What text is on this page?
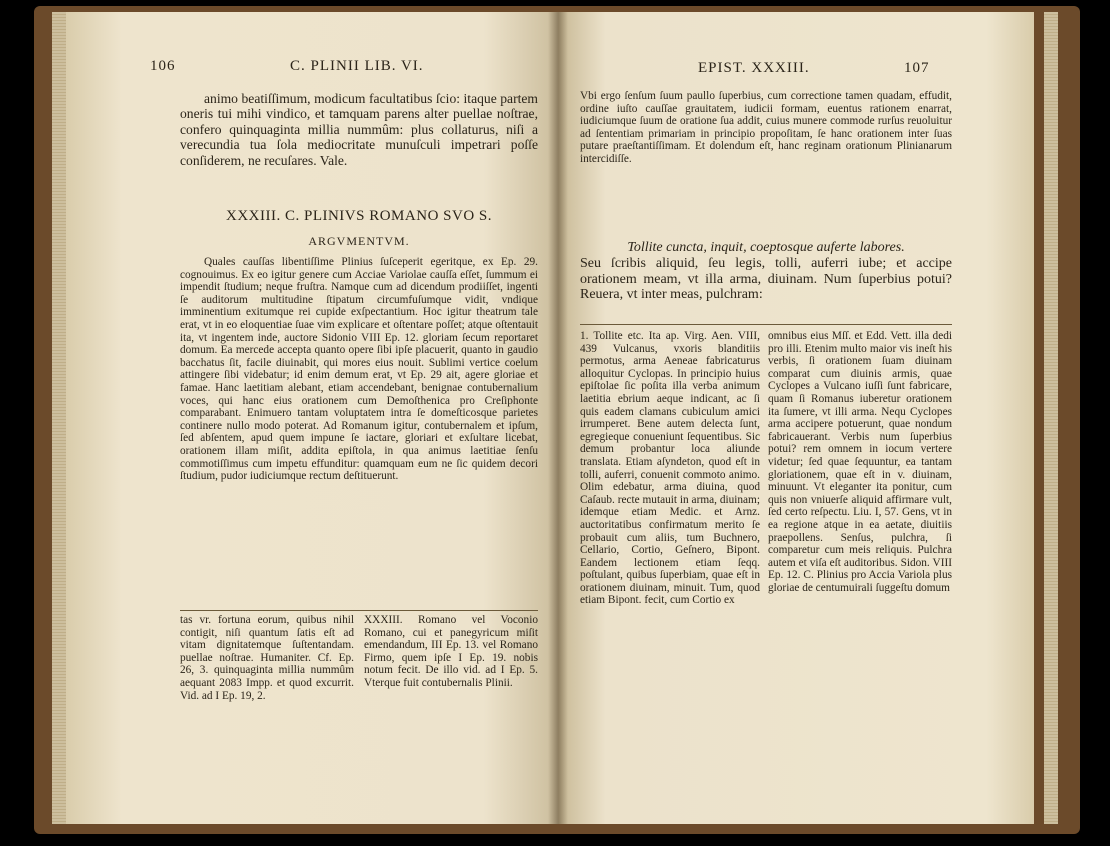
106	C. PLINII LIB. VI.
animo beatiſſimum, modicum facultatibus ſcio: itaque partem oneris tui mihi vindico, et tamquam parens alter puellae noſtrae, confero quinquaginta millia nummûm: plus collaturus, niſi a verecundia tua ſola mediocritate munuſculi impetrari poſſe conſiderem, ne recuſares. Vale.
XXXIII. C. PLINIVS ROMANO SVO S.
ARGVMENTVM.
Quales cauſſas libentiſſime Plinius ſuſceperit egeritque, ex Ep. 29. cognouimus. Ex eo igitur genere cum Acciae Variolae cauſſa eſſet, ſummum ei impendit ſtudium; neque fruſtra. Namque cum ad dicendum prodiiſſet, ingenti ſe auditorum multitudine ſtipatum circumfuſumque vidit, vndique imminentium exitumque rei cupide exſpectantium. Hoc igitur theatrum tale erat, vt in eo eloquentiae ſuae vim explicare et oſtentare poſſet; atque oſtentauit ita, vt ingentem inde, auctore Sidonio VIII Ep. 12. gloriam ſecum reportaret domum. Ea mercede accepta quanto opere ſibi ipſe placuerit, quanto in gaudio bacchatus ſit, facile diuinabit, qui mores eius nouit. Sublimi vertice coelum attingere ſibi videbatur; id enim demum erat, vt Ep. 29 ait, agere gloriae et famae. Hanc laetitiam alebant, etiam accendebant, benignae contubernalium voces, qui hanc eius orationem cum Demoſthenica pro Creſiphonte comparabant. Enimuero tantam voluptatem intra ſe domeſticosque parietes continere nullo modo poterat. Ad Romanum igitur, contubernalem et ipſum, ſed abſentem, apud quem impune ſe iactare, gloriari et exſultare licebat, orationem illam miſit, addita epiſtola, in qua animus laetitiae ſenſu commotiſſimus cum impetu effunditur: quamquam eum ne ſic quidem decori ſtudium, pudor iudiciumque rectum deſtituerunt.
tas vr. fortuna eorum, quibus nihil contigit, niſi quantum ſatis eſt ad vitam dignitatemque ſuſtentandam. puellae noſtrae. Humaniter. Cf. Ep. 26, 3. quinquaginta millia nummûm aequant 2083 Impp. et quod excurrit. Vid. ad I Ep. 19, 2.
XXXIII. Romano vel Voconio Romano, cui et panegyricum miſit emendandum, III Ep. 13. vel Romano Firmo, quem ipſe I Ep. 19. nobis notum fecit. De illo vid. ad I Ep. 5. Vterque fuit contubernalis Plinii.
EPIST. XXXIII.	107
Vbi ergo ſenſum ſuum paullo ſuperbius, cum correctione tamen quadam, effudit, ordine iuſto cauſſae grauitatem, iudicii formam, euentus rationem enarrat, iudiciumque ſuum de oratione ſua addit, cuius munere commode rurſus reuoluitur ad ſententiam primariam in principio propoſitam, ſe hanc orationem inter ſuas putare praeſtantiſſimam. Et dolendum eſt, hanc reginam orationum Plinianarum intercidiſſe.
Tollite cuncta, inquit, coeptosque auferte labores.
Seu ſcribis aliquid, ſeu legis, tolli, auferri iube; et accipe orationem meam, vt illa arma, diuinam. Num ſuperbius potui? Reuera, vt inter meas, pulchram:
1. Tollite etc. Ita ap. Virg. Aen. VIII, 439 Vulcanus, vxoris blanditiis permotus, arma Aeneae fabricaturus alloquitur Cyclopas. In principio huius epiſtolae ſic poſita illa verba animum laetitia ebrium aeque indicant, ac ſi quis eadem clamans cubiculum amici irrumperet. Bene autem delecta ſunt, egregieque conueniunt ſequentibus. Sic demum probantur loca aliunde translata. Etiam aſyndeton, quod eſt in tolli, auferri, conuenit commoto animo. Olim edebatur, arma diuina, quod Caſaub. recte mutauit in arma, diuinam; idemque etiam Medic. et Arnz. auctoritatibus confirmatum merito ſe probauit cum aliis, tum Buchnero, Cellario, Cortio, Geſnero, Bipont. Eandem lectionem etiam ſeqq. poſtulant, quibus ſuperbiam, quae eſt in orationem diuinam, minuit. Tum, quod etiam Bipont. fecit, cum Cortio ex
omnibus eius Mſſ. et Edd. Vett. illa dedi pro illi. Etenim multo maior vis ineſt his verbis, ſi orationem ſuam diuinam comparat cum diuinis armis, quae Cyclopes a Vulcano iuſſi ſunt fabricare, quam ſi Romanus iuberetur orationem ita ſumere, vt illi arma. Nequ Cyclopes arma accipere potuerunt, quae nondum fabricauerant. Verbis num ſuperbius potui? rem omnem in iocum vertere videtur; ſed quae ſequuntur, ea tantam gloriationem, quae eſt in v. diuinam, minuunt. Vt eleganter ita ponitur, cum quis non vniuerſe aliquid affirmare vult, ſed certo reſpectu. Liu. I, 57. Gens, vt in ea regione atque in ea aetate, diuitiis praepollens. Senſus, pulchra, ſi comparetur cum meis reliquis. Pulchra autem et viſa eſt auditoribus. Sidon. VIII Ep. 12. C. Plinius pro Accia Variola plus gloriae de centumuirali ſuggeſtu domum
